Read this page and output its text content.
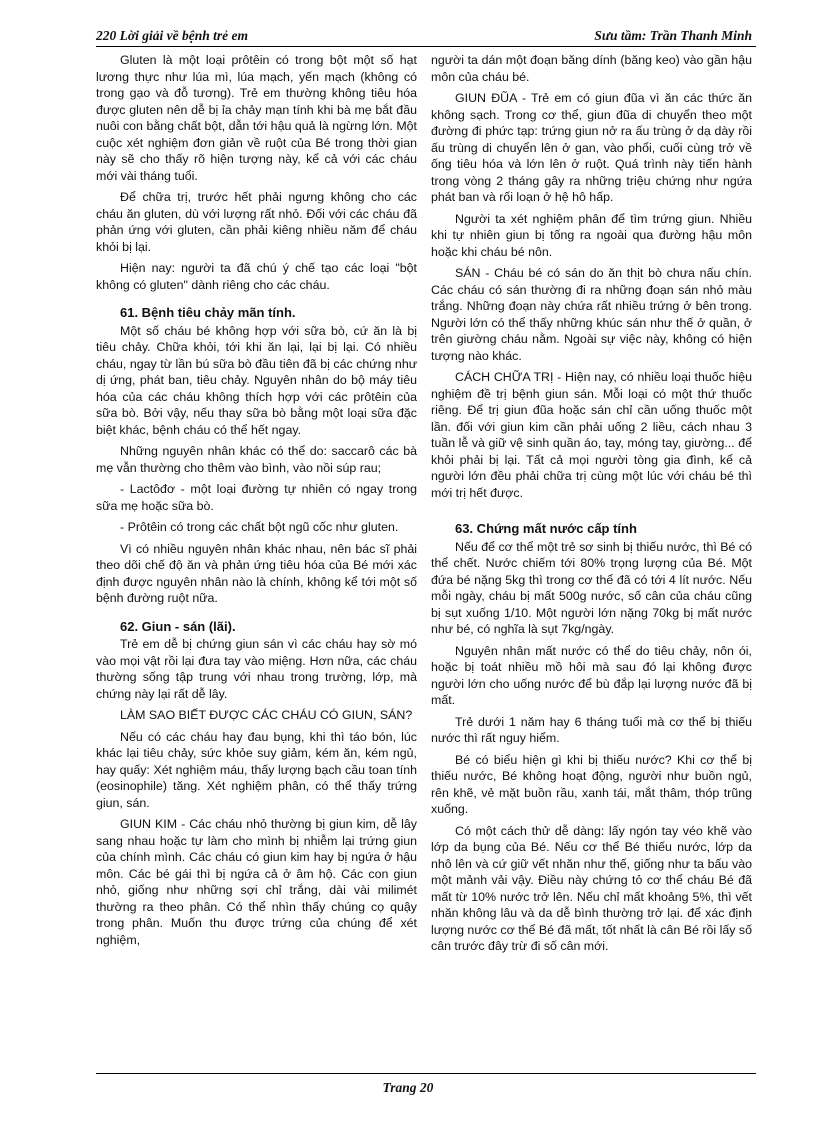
220 Lời giải về bệnh trẻ em	Sưu tầm: Trần Thanh Minh

Gluten là một loại prôtêin có trong bột một số hạt lương thực như lúa mì, lúa mạch, yến mạch (không có trong gạo và đỗ tương). Trẻ em thường không tiêu hóa được gluten nên dễ bị ỉa chảy mạn tính khi bà mẹ bắt đầu nuôi con bằng chất bột, dẫn tới hậu quả là ngừng lớn. Một cuộc xét nghiệm đơn giản về ruột của Bé trong thời gian này sẽ cho thấy rõ hiện tượng này, kể cả với các cháu mới vài tháng tuổi.

Để chữa trị, trước hết phải ngưng không cho các cháu ăn gluten, dù với lượng rất nhỏ. Đối với các cháu đã phản ứng với gluten, cần phải kiêng nhiều năm để cháu khỏi bị lại.

Hiện nay: người ta đã chú ý chế tạo các loại "bột không có gluten" dành riêng cho các cháu.

61. Bệnh tiêu chảy mãn tính.

Một số cháu bé không hợp với sữa bò, cứ ăn là bị tiêu chảy. Chữa khỏi, tới khi ăn lại, lại bị lại. Có nhiều cháu, ngay từ lần bú sữa bò đầu tiên đã bị các chứng như dị ứng, phát ban, tiêu chảy. Nguyên nhân do bộ máy tiêu hóa của các cháu không thích hợp với các prôtêin của sữa bò. Bởi vậy, nếu thay sữa bò bằng một loại sữa đặc biệt khác, bệnh cháu có thể hết ngay.

Những nguyên nhân khác có thể do: saccarô các bà mẹ vẫn thường cho thêm vào bình, vào nồi súp rau;

- Lactôđơ - một loại đường tự nhiên có ngay trong sữa mẹ hoặc sữa bò.

- Prôtêin có trong các chất bột ngũ cốc như gluten.

Vì có nhiều nguyên nhân khác nhau, nên bác sĩ phải theo dõi chế độ ăn và phản ứng tiêu hóa của Bé mới xác định được nguyên nhân nào là chính, không kể tới một số bệnh đường ruột nữa.

62. Giun - sán (lãi).

Trẻ em dễ bị chứng giun sán vì các cháu hay sờ mó vào mọi vật rồi lại đưa tay vào miệng. Hơn nữa, các cháu thường sống tập trung với nhau trong trường, lớp, mà chứng này lại rất dễ lây.

LÀM SAO BIẾT ĐƯỢC CÁC CHÁU CÓ GIUN, SÁN?

Nếu có các cháu hay đau bụng, khi thì táo bón, lúc khác lại tiêu chảy, sức khỏe suy giảm, kém ăn, kém ngủ, hay quấy: Xét nghiệm máu, thấy lượng bạch cầu toan tính (eosinophile) tăng. Xét nghiệm phân, có thể thấy trứng giun, sán.

GIUN KIM - Các cháu nhỏ thường bị giun kim, dễ lây sang nhau hoặc tự làm cho mình bị nhiễm lại trứng giun của chính mình. Các cháu có giun kim hay bị ngứa ở hậu môn. Các bé gái thì bị ngứa cả ở âm hộ. Các con giun nhỏ, giống như những sợi chỉ trắng, dài vài milimét thường ra theo phân. Có thể nhìn thấy chúng cọ quậy trong phân. Muốn thu được trứng của chúng để xét nghiệm,

người ta dán một đoạn băng dính (băng keo) vào gần hậu môn của cháu bé.

GIUN ĐŨA - Trẻ em có giun đũa vì ăn các thức ăn không sạch. Trong cơ thể, giun đũa di chuyển theo một đường đi phức tạp: trứng giun nở ra ấu trùng ở dạ dày rồi ấu trùng di chuyển lên ở gan, vào phổi, cuối cùng trở về ống tiêu hóa và lớn lên ở ruột. Quá trình này tiến hành trong vòng 2 tháng gây ra những triệu chứng như ngứa phát ban và rối loạn ở hệ hô hấp.

Người ta xét nghiệm phân để tìm trứng giun. Nhiều khi tự nhiên giun bị tống ra ngoài qua đường hậu môn hoặc khi cháu bé nôn.

SÁN - Cháu bé có sán do ăn thịt bò chưa nấu chín. Các cháu có sán thường đi ra những đoạn sán nhỏ màu trắng. Những đoạn này chứa rất nhiều trứng ở bên trong. Người lớn có thể thấy những khúc sán như thế ở quần, ở trên giường cháu nằm. Ngoài sự việc này, không có hiện tượng nào khác.

CÁCH CHỮA TRỊ - Hiện nay, có nhiều loại thuốc hiệu nghiệm đề trị bệnh giun sán. Mỗi loại có một thứ thuốc riêng. Để trị giun đũa hoặc sán chỉ cần uống thuốc một lần. đối với giun kim cần phải uống 2 liều, cách nhau 3 tuần lễ và giữ vệ sinh quần áo, tay, móng tay, giường... để khỏi phải bị lại. Tất cả mọi người tòng gia đình, kể cả người lớn đều phải chữa trị cùng một lúc với cháu bé thì mới trị hết được.

63. Chứng mất nước cấp tính

Nếu để cơ thể một trẻ sơ sinh bị thiếu nước, thì Bé có thể chết. Nước chiếm tới 80% trọng lượng của Bé. Một đứa bé nặng 5kg thì trong cơ thể đã có tới 4 lít nước. Nếu mỗi ngày, cháu bị mất 500g nước, số cân của cháu cũng bị sụt xuống 1/10. Một người lớn nặng 70kg bị mất nước như bé, có nghĩa là sụt 7kg/ngày.

Nguyên nhân mất nước có thể do tiêu chảy, nôn ói, hoặc bị toát nhiều mồ hôi mà sau đó lại không được người lớn cho uống nước để bù đắp lại lượng nước đã bị mất.

Trẻ dưới 1 năm hay 6 tháng tuổi mà cơ thể bị thiếu nước thì rất nguy hiểm.

Bé có biểu hiện gì khi bị thiếu nước? Khi cơ thể bị thiếu nước, Bé không hoạt động, người như buồn ngủ, rên khẽ, vẻ mặt buồn rầu, xanh tái, mắt thâm, thóp trũng xuống.

Có một cách thử dễ dàng: lấy ngón tay véo khẽ vào lớp da bụng của Bé. Nếu cơ thể Bé thiếu nước, lớp da nhô lên và cứ giữ vết nhăn như thế, giống như ta bấu vào một mảnh vải vậy. Điều này chứng tỏ cơ thể cháu Bé đã mất từ 10% nước trở lên. Nếu chỉ mất khoảng 5%, thì vết nhăn không lâu và da dễ bình thường trở lại. để xác định lượng nước cơ thể Bé đã mất, tốt nhất là cân Bé rồi lấy số cân trước đây trừ đi số cân mới.

Trang 20
